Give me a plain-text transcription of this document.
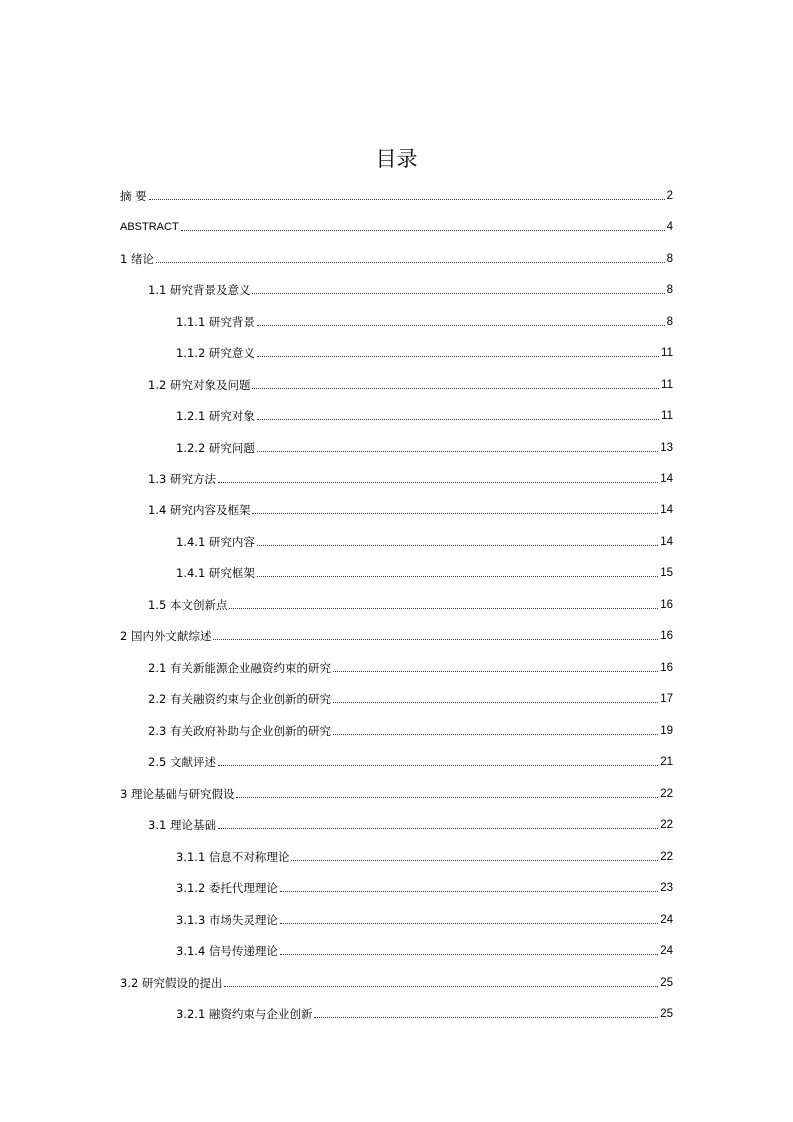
目录
摘 要	2
ABSTRACT	4
1 绪论	8
1.1 研究背景及意义	8
1.1.1 研究背景	8
1.1.2 研究意义	11
1.2 研究对象及问题	11
1.2.1 研究对象	11
1.2.2 研究问题	13
1.3 研究方法	14
1.4 研究内容及框架	14
1.4.1 研究内容	14
1.4.1 研究框架	15
1.5 本文创新点	16
2 国内外文献综述	16
2.1 有关新能源企业融资约束的研究	16
2.2 有关融资约束与企业创新的研究	17
2.3 有关政府补助与企业创新的研究	19
2.5 文献评述	21
3 理论基础与研究假设	22
3.1 理论基础	22
3.1.1 信息不对称理论	22
3.1.2 委托代理理论	23
3.1.3 市场失灵理论	24
3.1.4 信号传递理论	24
3.2 研究假设的提出	25
3.2.1 融资约束与企业创新	25
